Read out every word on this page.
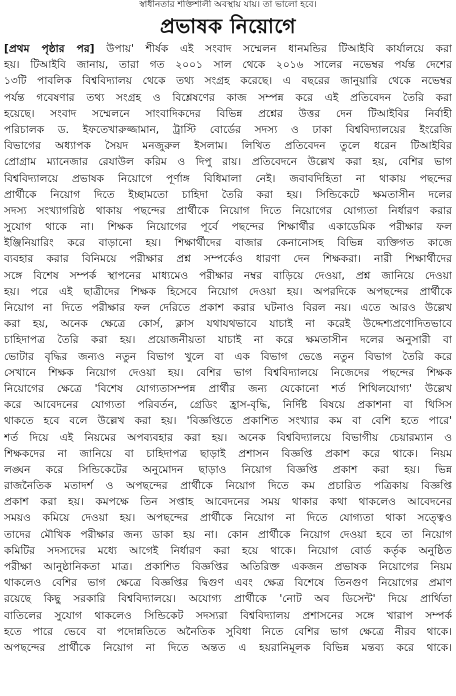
স্বাধীনতার শক্তিশালী অবস্থায় যায়। তা ভালো হবে।
প্রভাষক নিয়োগে
[প্রথম পৃষ্ঠার পর] উপায়' শীর্ষক এই সংবাদ সম্মেলন ধানমন্ডির টিআইবি কার্যালয়ে করা
হয়। টিআইবি জানায়, তারা গত ২০০১ সাল থেকে ২০১৬ সালের নভেম্বর পর্যন্ত দেশের
১৩টি পাবলিক বিশ্ববিদ্যালয় থেকে তথ্য সংগ্রহ করেছে। এ বছরের জানুয়ারি থেকে নভেম্বর
পর্যন্ত গবেষণার তথ্য সংগ্রহ ও বিশ্লেষণের কাজ সম্পন্ন করে এই প্রতিবেদন তৈরি করা
হয়েছে। সংবাদ সম্মেলনে সাংবাদিকদের বিভিন্ন প্রশ্নের উত্তর দেন টিআইবির নির্বাহী
পরিচালক ড. ইফতেখারুজ্জামান, ট্রাস্টি বোর্ডের সদস্য ও ঢাকা বিশ্ববিদ্যালয়ের ইংরেজি
বিভাগের অধ্যাপক সৈয়দ মনজুরুল ইসলাম। লিখিত প্রতিবেদন তুলে ধরেন টিআইবির
প্রোগ্রাম ম্যানেজার রেযাউল করিম ও দিপু রায়। প্রতিবেদনে উল্লেখ করা হয়, বেশির ভাগ
বিশ্ববিদ্যালয়ে প্রভাষক নিয়োগে পূর্ণাঙ্গ বিধিমালা নেই। জবাবদিহিতা না থাকায় পছন্দের
প্রার্থীকে নিয়োগ দিতে ইচ্ছামতো চাহিদা তৈরি করা হয়। সিন্ডিকেটে ক্ষমতাসীন দলের
সদস্য সংখ্যাগরিষ্ঠ থাকায় পছন্দের প্রার্থীকে নিয়োগ দিতে নিয়োগের যোগ্যতা নির্ধারণ করার
সুযোগ থাকে না। শিক্ষক নিয়োগের পূর্বে পছন্দের শিক্ষার্থীর একাডেমিক পরীক্ষার ফল
ইঞ্জিনিয়ারিং করে বাড়ানো হয়। শিক্ষার্থীদের বাজার কেনানোসহ বিভিন্ন ব্যক্তিগত কাজে
ব্যবহার করার বিনিময়ে পরীক্ষার প্রশ্ন সম্পর্কেও ধারণা দেন শিক্ষকরা। নারী শিক্ষার্থীদের
সঙ্গে বিশেষ সম্পর্ক স্থাপনের মাধ্যমেও পরীক্ষার নম্বর বাড়িয়ে দেওয়া, প্রশ্ন জানিয়ে দেওয়া
হয়। পরে এই ছাত্রীদের শিক্ষক হিসেবে নিয়োগ দেওয়া হয়। অপরদিকে অপছন্দের প্রার্থীকে
নিয়োগ না দিতে পরীক্ষার ফল দেরিতে প্রকাশ করার ঘটনাও বিরল নয়। এতে আরও উল্লেখ
করা হয়, অনেক ক্ষেত্রে কোর্স, ক্লাস যথাযথভাবে যাচাই না করেই উদ্দেশ্যপ্রণোদিতভাবে
চাহিদাপত্র তৈরি করা হয়। প্রয়োজনীয়তা যাচাই না করে ক্ষমতাসীন দলের অনুসারী বা
ভোটার বৃদ্ধির জন্যও নতুন বিভাগ খুলে বা এক বিভাগ ভেঙে নতুন বিভাগ তৈরি করে
সেখানে শিক্ষক নিয়োগ দেওয়া হয়। বেশির ভাগ বিশ্ববিদ্যালয়ে নিজেদের পছন্দের শিক্ষক
নিয়োগের ক্ষেত্রে 'বিশেষ যোগ্যতাসম্পন্ন প্রার্থীর জন্য যেকোনো শর্ত শিথিলযোগ্য' উল্লেখ
করে আবেদনের যোগ্যতা পরিবর্তন, গ্রেডিং হ্রাস-বৃদ্ধি, নির্দিষ্ট বিষয়ে প্রকাশনা বা থিসিস
থাকতে হবে বলে উল্লেখ করা হয়। 'বিজ্ঞপ্তিতে প্রকাশিত সংখ্যার কম বা বেশি হতে পারে'
শর্ত দিয়ে এই নিয়মের অপব্যবহার করা হয়। অনেক বিশ্ববিদ্যালয়ে বিভাগীয় চেয়ারম্যান ও
শিক্ষকদের না জানিয়ে বা চাহিদাপত্র ছাড়াই প্রশাসন বিজ্ঞপ্তি প্রকাশ করে থাকে। নিয়ম
লঙ্ঘন করে সিন্ডিকেটের অনুমোদন ছাড়াও নিয়োগ বিজ্ঞপ্তি প্রকাশ করা হয়। ভিন্ন
রাজনৈতিক মতাদর্শ ও অপছন্দের প্রার্থীকে নিয়োগ দিতে কম প্রচারিত পত্রিকায় বিজ্ঞপ্তি
প্রকাশ করা হয়। কমপক্ষে তিন সপ্তাহ আবেদনের সময় থাকার কথা থাকলেও আবেদনের
সময়ও কমিয়ে দেওয়া হয়। অপছন্দের প্রার্থীকে নিয়োগ না দিতে যোগ্যতা থাকা সত্ত্বেও
তাদের মৌখিক পরীক্ষার জন্য ডাকা হয় না। কোন প্রার্থীকে নিয়োগ দেওয়া হবে তা নিয়োগ
কমিটির সদস্যদের মধ্যে আগেই নির্ধারণ করা হয়ে থাকে। নিয়োগ বোর্ড কর্তৃক অনুষ্ঠিত
পরীক্ষা আনুষ্ঠানিকতা মাত্র। প্রকাশিত বিজ্ঞপ্তির অতিরিক্ত একজন প্রভাষক নিয়োগের নিয়ম
থাকলেও বেশির ভাগ ক্ষেত্রে বিজ্ঞপ্তির দ্বিগুণ এবং ক্ষেত্র বিশেষে তিনগুণ নিয়োগের প্রমাণ
রয়েছে কিছু সরকারি বিশ্ববিদ্যালয়ে। অযোগ্য প্রার্থীকে 'নোট অব ডিসেন্ট' দিয়ে প্রার্থিতা
বাতিলের সুযোগ থাকলেও সিন্ডিকেট সদস্যরা বিশ্ববিদ্যালয় প্রশাসনের সঙ্গে খারাপ সম্পর্ক
হতে পারে ভেবে বা পদোন্নতিতে অনৈতিক সুবিধা নিতে বেশির ভাগ ক্ষেত্রে নীরব থাকে।
অপছন্দের প্রার্থীকে নিয়োগ না দিতে অন্তত এ হয়রানিমূলক বিভিন্ন মন্তব্য করে থাকে।
